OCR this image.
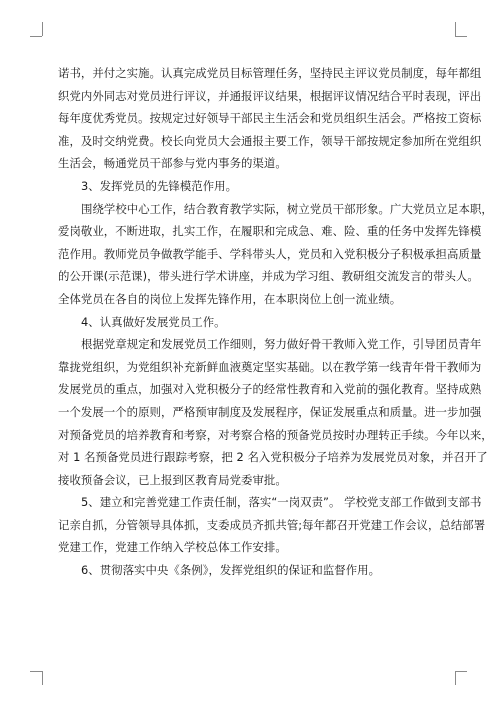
诺书，并付之实施。认真完成党员目标管理任务，坚持民主评议党员制度，每年都组
织党内外同志对党员进行评议，并通报评议结果，根据评议情况结合平时表现，评出
每年度优秀党员。按规定过好领导干部民主生活会和党员组织生活会。严格按工资标
准，及时交纳党费。校长向党员大会通报主要工作，领导干部按规定参加所在党组织
生活会，畅通党员干部参与党内事务的渠道。
3、发挥党员的先锋模范作用。
围绕学校中心工作，结合教育教学实际，树立党员干部形象。广大党员立足本职，
爱岗敬业，不断进取，扎实工作，在履职和完成急、难、险、重的任务中发挥先锋模
范作用。教师党员争做教学能手、学科带头人，党员和入党积极分子积极承担高质量
的公开课(示范课)，带头进行学术讲座，并成为学习组、教研组交流发言的带头人。
全体党员在各自的岗位上发挥先锋作用，在本职岗位上创一流业绩。
4、认真做好发展党员工作。
根据党章规定和发展党员工作细则，努力做好骨干教师入党工作，引导团员青年
靠拢党组织，为党组织补充新鲜血液奠定坚实基础。以在教学第一线青年骨干教师为
发展党员的重点，加强对入党积极分子的经常性教育和入党前的强化教育。坚持成熟
一个发展一个的原则，严格预审制度及发展程序，保证发展重点和质量。进一步加强
对预备党员的培养教育和考察，对考察合格的预备党员按时办理转正手续。今年以来，
对 1 名预备党员进行跟踪考察，把 2 名入党积极分子培养为发展党员对象，并召开了
接收预备会议，已上报到区教育局党委审批。
5、建立和完善党建工作责任制，落实“一岗双责”。 学校党支部工作做到支部书
记亲自抓，分管领导具体抓，支委成员齐抓共管;每年都召开党建工作会议，总结部署
党建工作，党建工作纳入学校总体工作安排。
6、贯彻落实中央《条例》，发挥党组织的保证和监督作用。
